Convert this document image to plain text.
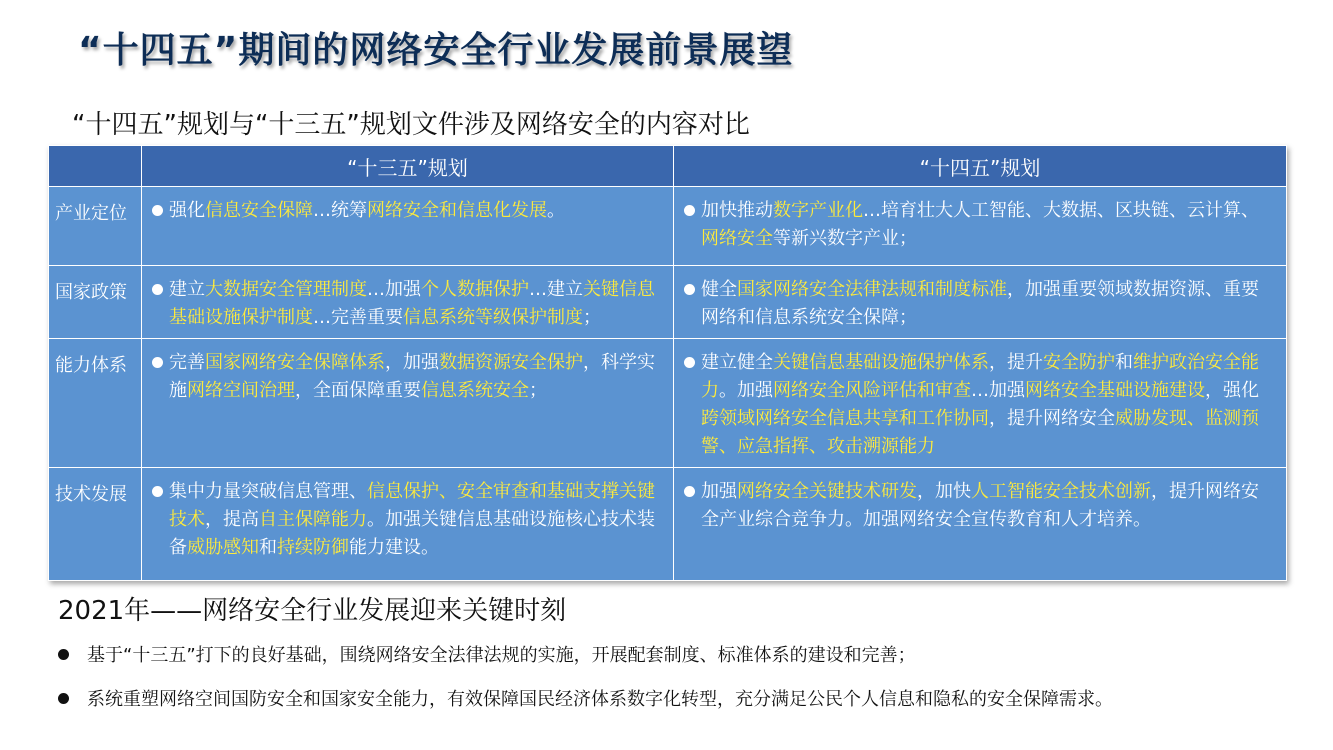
“十四五”期间的网络安全行业发展前景展望
“十四五”规划与“十三五”规划文件涉及网络安全的内容对比
	“十三五”规划	“十四五”规划
产业定位	强化信息安全保障…统筹网络安全和信息化发展。	加快推动数字产业化…培育壮大人工智能、大数据、区块链、云计算、网络安全等新兴数字产业；

国家政策	建立大数据安全管理制度…加强个人数据保护…建立关键信息基础设施保护制度…完善重要信息系统等级保护制度；	健全国家网络安全法律法规和制度标准，加强重要领域数据资源、重要网络和信息系统安全保障；

能力体系	完善国家网络安全保障体系，加强数据资源安全保护，科学实施网络空间治理，全面保障重要信息系统安全；	建立健全关键信息基础设施保护体系，提升安全防护和维护政治安全能力。加强网络安全风险评估和审查…加强网络安全基础设施建设，强化跨领域网络安全信息共享和工作协同，提升网络安全威胁发现、监测预警、应急指挥、攻击溯源能力

技术发展	集中力量突破信息管理、信息保护、安全审查和基础支撑关键技术，提高自主保障能力。加强关键信息基础设施核心技术装备威胁感知和持续防御能力建设。	加强网络安全关键技术研发，加快人工智能安全技术创新，提升网络安全产业综合竞争力。加强网络安全宣传教育和人才培养。
2021年——网络安全行业发展迎来关键时刻
基于“十三五”打下的良好基础，围绕网络安全法律法规的实施，开展配套制度、标准体系的建设和完善；
系统重塑网络空间国防安全和国家安全能力，有效保障国民经济体系数字化转型，充分满足公民个人信息和隐私的安全保障需求。
